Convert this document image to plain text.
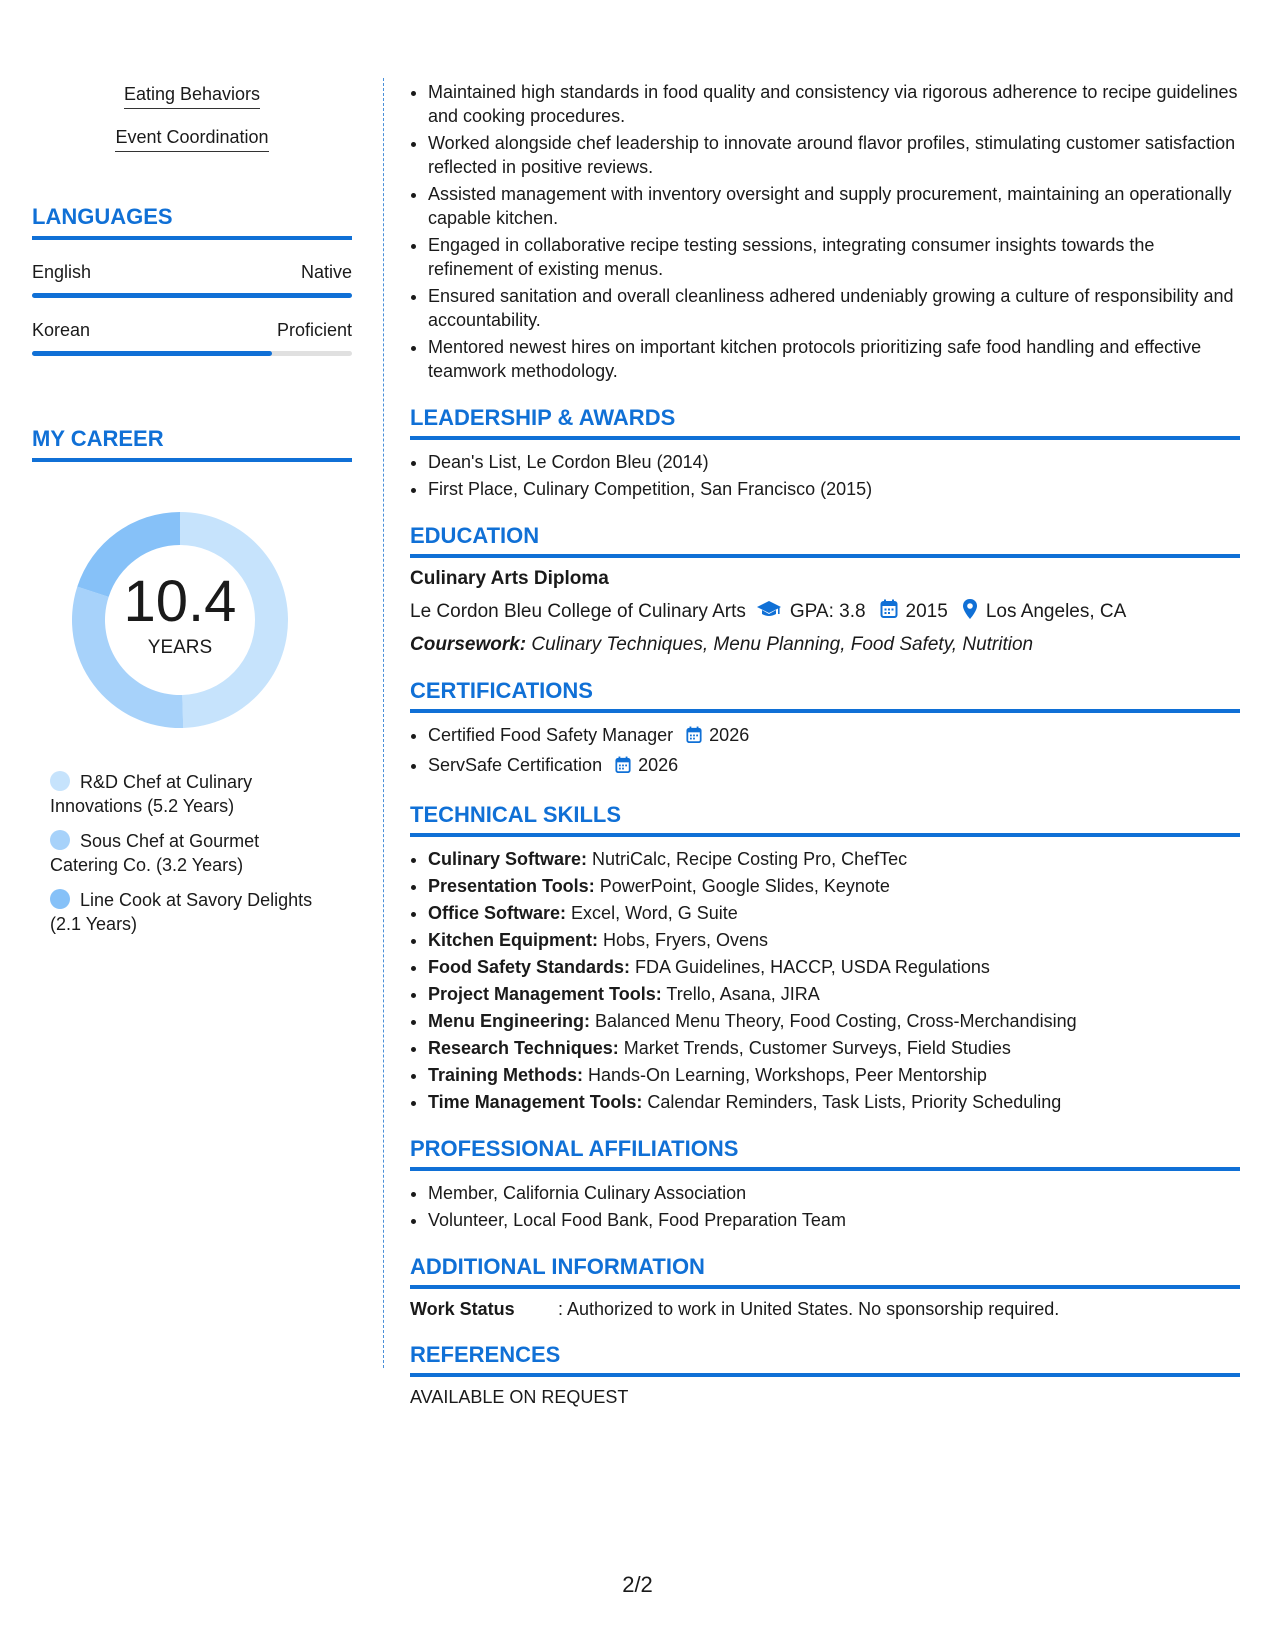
Eating Behaviors
Event Coordination
LANGUAGES
English	Native
Korean	Proficient
MY CAREER
10.4
YEARS
R&D Chef at Culinary Innovations (5.2 Years)
Sous Chef at Gourmet Catering Co. (3.2 Years)
Line Cook at Savory Delights (2.1 Years)
• Maintained high standards in food quality and consistency via rigorous adherence to recipe guidelines and cooking procedures.
• Worked alongside chef leadership to innovate around flavor profiles, stimulating customer satisfaction reflected in positive reviews.
• Assisted management with inventory oversight and supply procurement, maintaining an operationally capable kitchen.
• Engaged in collaborative recipe testing sessions, integrating consumer insights towards the refinement of existing menus.
• Ensured sanitation and overall cleanliness adhered undeniably growing a culture of responsibility and accountability.
• Mentored newest hires on important kitchen protocols prioritizing safe food handling and effective teamwork methodology.
LEADERSHIP & AWARDS
• Dean's List, Le Cordon Bleu (2014)
• First Place, Culinary Competition, San Francisco (2015)
EDUCATION
Culinary Arts Diploma
Le Cordon Bleu College of Culinary Arts GPA: 3.8 2015 Los Angeles, CA
Coursework: Culinary Techniques, Menu Planning, Food Safety, Nutrition
CERTIFICATIONS
• Certified Food Safety Manager 2026
• ServSafe Certification 2026
TECHNICAL SKILLS
• Culinary Software: NutriCalc, Recipe Costing Pro, ChefTec
• Presentation Tools: PowerPoint, Google Slides, Keynote
• Office Software: Excel, Word, G Suite
• Kitchen Equipment: Hobs, Fryers, Ovens
• Food Safety Standards: FDA Guidelines, HACCP, USDA Regulations
• Project Management Tools: Trello, Asana, JIRA
• Menu Engineering: Balanced Menu Theory, Food Costing, Cross-Merchandising
• Research Techniques: Market Trends, Customer Surveys, Field Studies
• Training Methods: Hands-On Learning, Workshops, Peer Mentorship
• Time Management Tools: Calendar Reminders, Task Lists, Priority Scheduling
PROFESSIONAL AFFILIATIONS
• Member, California Culinary Association
• Volunteer, Local Food Bank, Food Preparation Team
ADDITIONAL INFORMATION
Work Status	: Authorized to work in United States. No sponsorship required.
REFERENCES
AVAILABLE ON REQUEST
2/2
